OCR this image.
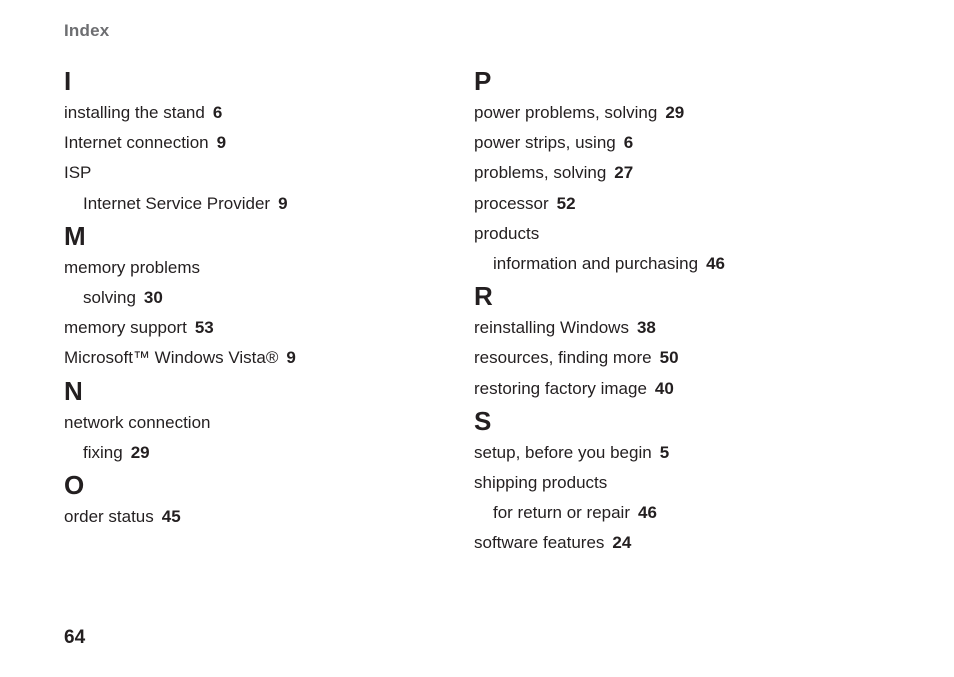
Index
I
installing the stand 6
Internet connection 9
ISP
Internet Service Provider 9
M
memory problems
solving 30
memory support 53
Microsoft™ Windows Vista® 9
N
network connection
fixing 29
O
order status 45
P
power problems, solving 29
power strips, using 6
problems, solving 27
processor 52
products
information and purchasing 46
R
reinstalling Windows 38
resources, finding more 50
restoring factory image 40
S
setup, before you begin 5
shipping products
for return or repair 46
software features 24
64
